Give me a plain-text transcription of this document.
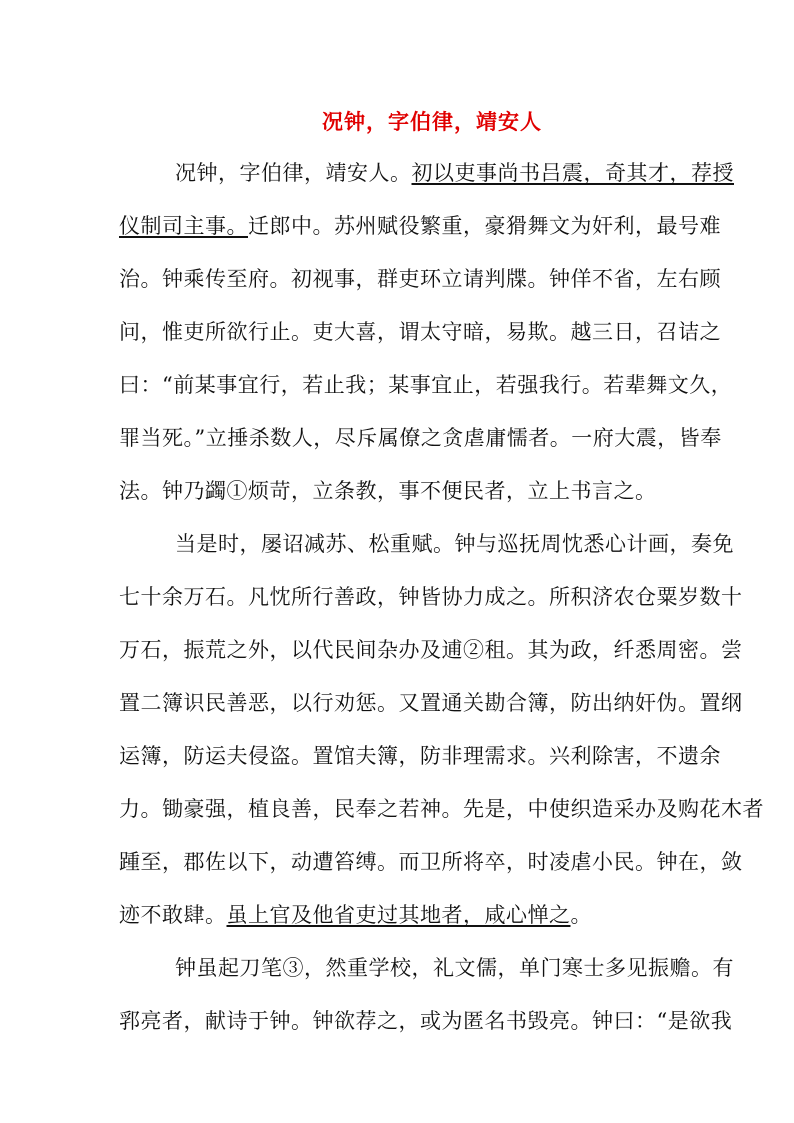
况钟，字伯律，靖安人
况钟，字伯律，靖安人。初以吏事尚书吕震，奇其才，荐授
仪制司主事。迁郎中。苏州赋役繁重，豪猾舞文为奸利，最号难
治。钟乘传至府。初视事，群吏环立请判牒。钟佯不省，左右顾
问，惟吏所欲行止。吏大喜，谓太守暗，易欺。越三日，召诘之
曰：“前某事宜行，若止我；某事宜止，若强我行。若辈舞文久，
罪当死。”立捶杀数人，尽斥属僚之贪虐庸懦者。一府大震，皆奉
法。钟乃蠲①烦苛，立条教，事不便民者，立上书言之。
当是时，屡诏减苏、松重赋。钟与巡抚周忱悉心计画，奏免
七十余万石。凡忱所行善政，钟皆协力成之。所积济农仓粟岁数十
万石，振荒之外，以代民间杂办及逋②租。其为政，纤悉周密。尝
置二簿识民善恶，以行劝惩。又置通关勘合簿，防出纳奸伪。置纲
运簿，防运夫侵盗。置馆夫簿，防非理需求。兴利除害，不遗余
力。锄豪强，植良善，民奉之若神。先是，中使织造采办及购花木者
踵至，郡佐以下，动遭笞缚。而卫所将卒，时凌虐小民。钟在，敛
迹不敢肆。虽上官及他省吏过其地者，咸心惮之。
钟虽起刀笔③，然重学校，礼文儒，单门寒士多见振赡。有
郛亮者，献诗于钟。钟欲荐之，或为匿名书毁亮。钟曰：“是欲我
